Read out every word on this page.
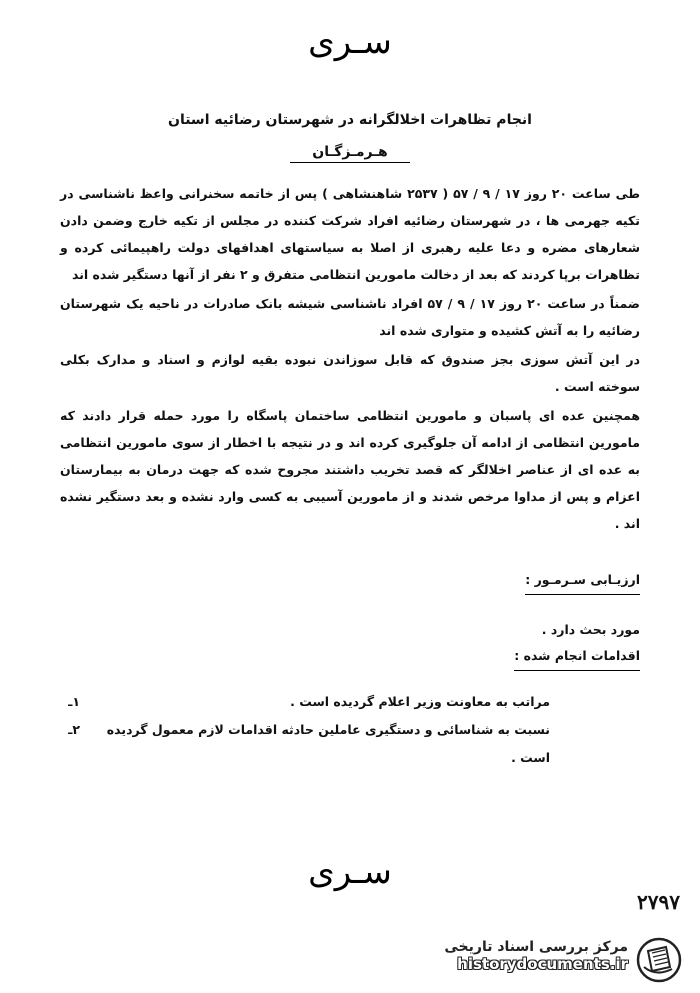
سـری
انجام تظاهرات اخلالگرانه در شهرستان رضائیه استان
هـرمـزگـان

طی ساعت ۲۰ روز ۱۷ / ۹ / ۵۷ ( ۲۵۳۷ شاهنشاهی ) پس از خاتمه سخنرانی واعظ ناشناسی در تکیه جهرمی ها ، در شهرستان رضائیه افراد شرکت کننده در مجلس از تکیه خارج وضمن دادن شعارهای مضره و دعا علیه رهبری از اصلا به سیاستهای اهدافهای دولت راهپیمائی کرده و تظاهرات برپا کردند که بعد از دخالت مامورین انتظامی متفرق و ۲ نفر از آنها دستگیر شده اند

ضمناً در ساعت ۲۰ روز ۱۷ / ۹ / ۵۷ افراد ناشناسی شیشه بانک صادرات در ناحیه یک شهرستان رضائیه را به آتش کشیده و متواری شده اند

در این آتش سوزی بجز صندوق که قابل سوزاندن نبوده بقیه لوازم و اسناد و مدارک بکلی سوخته است .

همچنین عده ای پاسبان و مامورین انتظامی ساختمان پاسگاه را مورد حمله قرار دادند که مامورین انتظامی از ادامه آن جلوگیری کرده اند و در نتیجه با اخطار از سوی مامورین انتظامی به عده ای از عناصر اخلالگر که قصد تخریب داشتند مجروح شده که جهت درمان به بیمارستان اعزام و پس از مداوا مرخص شدند و از مامورین آسیبی به کسی وارد نشده و بعد دستگیر نشده اند .

ارزیـابی سـرمـور :
مورد بحث دارد .
اقدامات انجام شده :
۱ـ	مراتب به معاونت وزیر اعلام گردیده است .
۲ـ	نسبت به شناسائی و دستگیری عاملین حادثه اقدامات لازم معمول گردیده است .
سـری
۲۷۹۷
مرکز بررسی اسناد تاریخی
historydocuments.ir
